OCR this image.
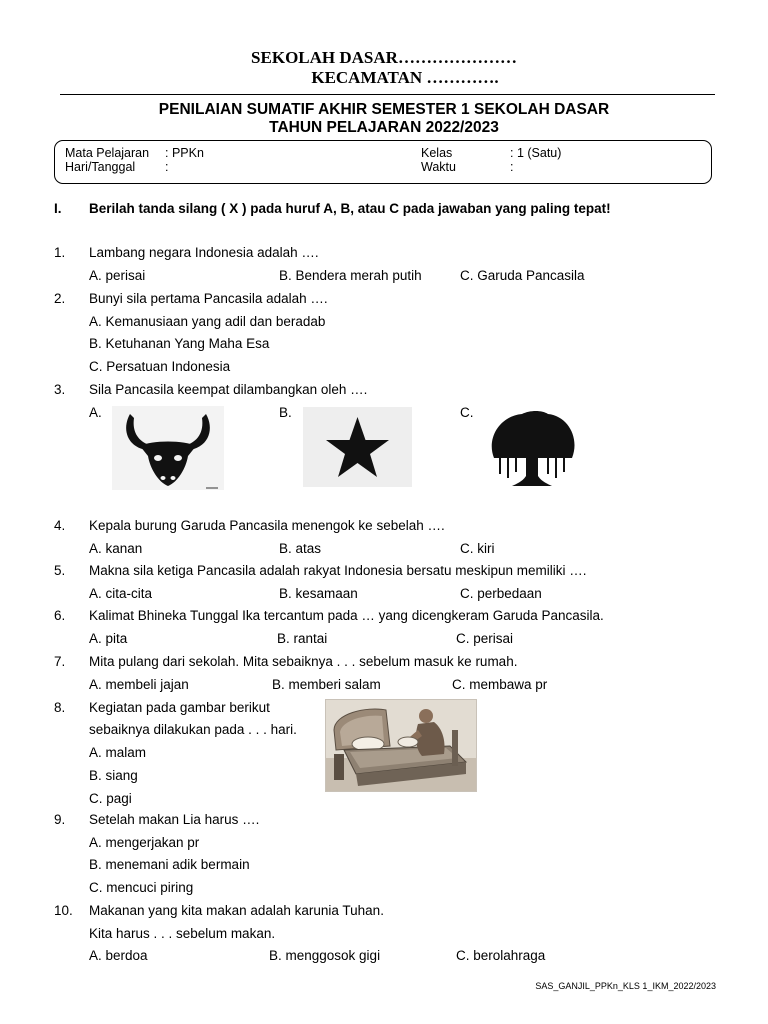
SEKOLAH DASAR…………………
KECAMATAN ………….
PENILAIAN SUMATIF AKHIR SEMESTER 1 SEKOLAH DASAR
TAHUN PELAJARAN 2022/2023
Mata Pelajaran : PPKn
Hari/Tanggal :
Kelas	: 1 (Satu)
Waktu	:
I. Berilah tanda silang ( X ) pada huruf A, B, atau C pada jawaban yang paling tepat!
1. Lambang negara Indonesia adalah ….
A. perisai	B. Bendera merah putih	C. Garuda Pancasila
2. Bunyi sila pertama Pancasila adalah ….
A. Kemanusiaan yang adil dan beradab
B. Ketuhanan Yang Maha Esa
C. Persatuan Indonesia
3. Sila Pancasila keempat dilambangkan oleh ….
A.	B.	C.
4. Kepala burung Garuda Pancasila menengok ke sebelah ….
A. kanan	B. atas	C. kiri
5. Makna sila ketiga Pancasila adalah rakyat Indonesia bersatu meskipun memiliki ….
A. cita-cita	B. kesamaan	C. perbedaan
6. Kalimat Bhineka Tunggal Ika tercantum pada … yang dicengkeram Garuda Pancasila.
A. pita	B. rantai	C. perisai
7. Mita pulang dari sekolah. Mita sebaiknya . . . sebelum masuk ke rumah.
A. membeli jajan	B. memberi salam	C. membawa pr
8. Kegiatan pada gambar berikut
sebaiknya dilakukan pada . . . hari.
A. malam
B. siang
C. pagi
9. Setelah makan Lia harus ….
A. mengerjakan pr
B. menemani adik bermain
C. mencuci piring
10. Makanan yang kita makan adalah karunia Tuhan.
Kita harus . . . sebelum makan.
A. berdoa	B. menggosok gigi	C. berolahraga
SAS_GANJIL_PPKn_KLS 1_IKM_2022/2023
